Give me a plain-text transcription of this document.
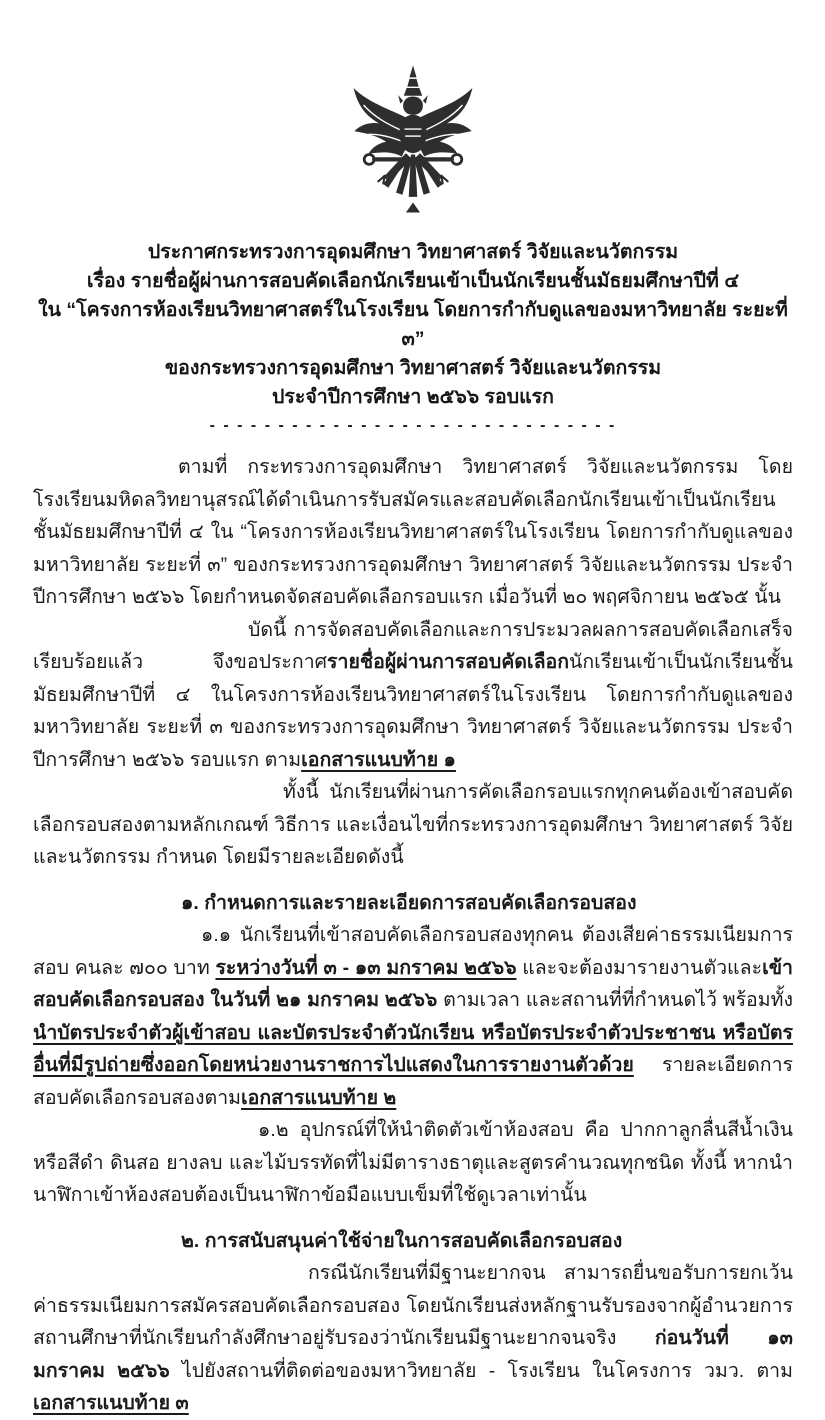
ประกาศกระทรวงการอุดมศึกษา วิทยาศาสตร์ วิจัยและนวัตกรรม
เรื่อง รายชื่อผู้ผ่านการสอบคัดเลือกนักเรียนเข้าเป็นนักเรียนชั้นมัธยมศึกษาปีที่ ๔
ใน “โครงการห้องเรียนวิทยาศาสตร์ในโรงเรียน โดยการกำกับดูแลของมหาวิทยาลัย ระยะที่ ๓”
ของกระทรวงการอุดมศึกษา วิทยาศาสตร์ วิจัยและนวัตกรรม
ประจำปีการศึกษา ๒๕๖๖ รอบแรก
- - - - - - - - - - - - - - - - - - - - - - - - - - - - - -

ตามที่ กระทรวงการอุดมศึกษา วิทยาศาสตร์ วิจัยและนวัตกรรม โดยโรงเรียนมหิดลวิทยานุสรณ์ได้ดำเนินการรับสมัครและสอบคัดเลือกนักเรียนเข้าเป็นนักเรียนชั้นมัธยมศึกษาปีที่ ๔ ใน “โครงการห้องเรียนวิทยาศาสตร์ในโรงเรียน โดยการกำกับดูแลของมหาวิทยาลัย ระยะที่ ๓” ของกระทรวงการอุดมศึกษา วิทยาศาสตร์ วิจัยและนวัตกรรม ประจำปีการศึกษา ๒๕๖๖ โดยกำหนดจัดสอบคัดเลือกรอบแรก เมื่อวันที่ ๒๐ พฤศจิกายน ๒๕๖๕ นั้น

บัดนี้ การจัดสอบคัดเลือกและการประมวลผลการสอบคัดเลือกเสร็จเรียบร้อยแล้ว จึงขอประกาศรายชื่อผู้ผ่านการสอบคัดเลือกนักเรียนเข้าเป็นนักเรียนชั้นมัธยมศึกษาปีที่ ๔ ในโครงการห้องเรียนวิทยาศาสตร์ในโรงเรียน โดยการกำกับดูแลของมหาวิทยาลัย ระยะที่ ๓ ของกระทรวงการอุดมศึกษา วิทยาศาสตร์ วิจัยและนวัตกรรม ประจำปีการศึกษา ๒๕๖๖ รอบแรก ตามเอกสารแนบท้าย ๑

ทั้งนี้ นักเรียนที่ผ่านการคัดเลือกรอบแรกทุกคนต้องเข้าสอบคัดเลือกรอบสองตามหลักเกณฑ์ วิธีการ และเงื่อนไขที่กระทรวงการอุดมศึกษา วิทยาศาสตร์ วิจัยและนวัตกรรม กำหนด โดยมีรายละเอียดดังนี้

๑. กำหนดการและรายละเอียดการสอบคัดเลือกรอบสอง

๑.๑ นักเรียนที่เข้าสอบคัดเลือกรอบสองทุกคน ต้องเสียค่าธรรมเนียมการสอบ คนละ ๗๐๐ บาท ระหว่างวันที่ ๓ - ๑๓ มกราคม ๒๕๖๖ และจะต้องมารายงานตัวและเข้าสอบคัดเลือกรอบสอง ในวันที่ ๒๑ มกราคม ๒๕๖๖ ตามเวลา และสถานที่ที่กำหนดไว้ พร้อมทั้งนำบัตรประจำตัวผู้เข้าสอบ และบัตรประจำตัวนักเรียน หรือบัตรประจำตัวประชาชน หรือบัตรอื่นที่มีรูปถ่ายซึ่งออกโดยหน่วยงานราชการไปแสดงในการรายงานตัวด้วย รายละเอียดการสอบคัดเลือกรอบสองตามเอกสารแนบท้าย ๒

๑.๒ อุปกรณ์ที่ให้นำติดตัวเข้าห้องสอบ คือ ปากกาลูกลื่นสีน้ำเงินหรือสีดำ ดินสอ ยางลบ และไม้บรรทัดที่ไม่มีตารางธาตุและสูตรคำนวณทุกชนิด ทั้งนี้ หากนำนาฬิกาเข้าห้องสอบต้องเป็นนาฬิกาข้อมือแบบเข็มที่ใช้ดูเวลาเท่านั้น

๒. การสนับสนุนค่าใช้จ่ายในการสอบคัดเลือกรอบสอง

กรณีนักเรียนที่มีฐานะยากจน สามารถยื่นขอรับการยกเว้นค่าธรรมเนียมการสมัครสอบคัดเลือกรอบสอง โดยนักเรียนส่งหลักฐานรับรองจากผู้อำนวยการสถานศึกษาที่นักเรียนกำลังศึกษาอยู่รับรองว่านักเรียนมีฐานะยากจนจริง ก่อนวันที่ ๑๓ มกราคม ๒๕๖๖ ไปยังสถานที่ติดต่อของมหาวิทยาลัย - โรงเรียน ในโครงการ วมว. ตามเอกสารแนบท้าย ๓
